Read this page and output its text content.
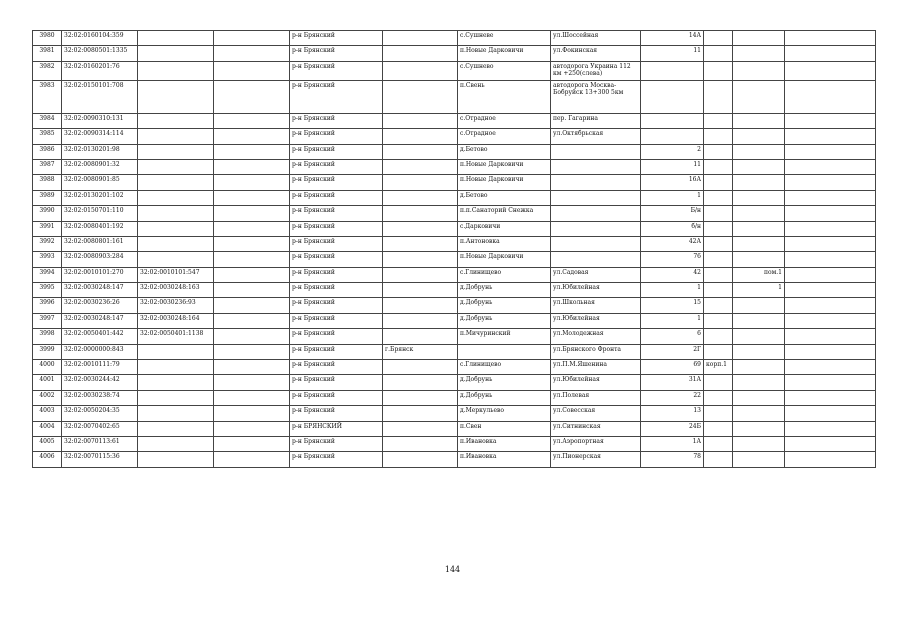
3980	32:02:0160104:359			р-н Брянский		с.Сушневе	ул.Шоссейная	14А			
3981	32:02:0080501:1335			р-н Брянский		п.Новые Дарковичи	ул.Фокинская	11			
3982	32:02:0160201:76			р-н Брянский		с.Сушнево	автодорога Украина 112 км +250(слева)				
3983	32:02:0150101:708			р-н Брянский		п.Свень	автодорога Москва-Бобруйск 13+300 5км				
3984	32:02:0090310:131			р-н Брянский		с.Отрадное	пер. Гагарина				
3985	32:02:0090314:114			р-н Брянский		с.Отрадное	ул.Октябрьская				
3986	32:02:0130201:98			р-н Брянский		д.Бетово		2			
3987	32:02:0080901:32			р-н Брянский		п.Новые Дарковичи		11			
3988	32:02:0080901:85			р-н Брянский		п.Новые Дарковичи		16А			
3989	32:02:0130201:102			р-н Брянский		д.Бетово		1			
3990	32:02:0150701:110			р-н Брянский		п.п.Санаторий Снежка		Б/н			
3991	32:02:0080401:192			р-н Брянский		с.Дарковичи		б/н			
3992	32:02:0080801:161			р-н Брянский		п.Антоновка		42А			
3993	32:02:0080903:284			р-н Брянский		п.Новые Дарковичи		76			
3994	32:02:0010101:270	32:02:0010101:547		р-н Брянский		с.Глинищево	ул.Садовая	42		пом.1	
3995	32:02:0030248:147	32:02:0030248:163		р-н Брянский		д.Добрунь	ул.Юбилейная	1		1	
3996	32:02:0030236:26	32:02:0030236:93		р-н Брянский		д.Добрунь	ул.Школьная	15			
3997	32:02:0030248:147	32:02:0030248:164		р-н Брянский		д.Добрунь	ул.Юбилейная	1			
3998	32:02:0050401:442	32:02:0050401:1138		р-н Брянский		п.Мичуринский	ул.Молодежная	6			
3999	32:02:0000000:843			р-н Брянский	г.Брянск		ул.Брянского Фронта	2Г			
4000	32:02:0010111:79			р-н Брянский		с.Глинищево	ул.П.М.Яшенина	69	корп.1		
4001	32:02:0030244:42			р-н Брянский		д.Добрунь	ул.Юбилейная	31А			
4002	32:02:0030238:74			р-н Брянский		д.Добрунь	ул.Полевая	22			
4003	32:02:0050204:35			р-н Брянский		д.Меркульево	ул.Совесская	13			
4004	32:02:0070402:65			р-н БРЯНСКИЙ		п.Свен	ул.Ситнинская	24Б			
4005	32:02:0070113:61			р-н Брянский		п.Ивановка	ул.Аэропортная	1А			
4006	32:02:0070115:36			р-н Брянский		п.Ивановка	ул.Пионерская	78			
144
